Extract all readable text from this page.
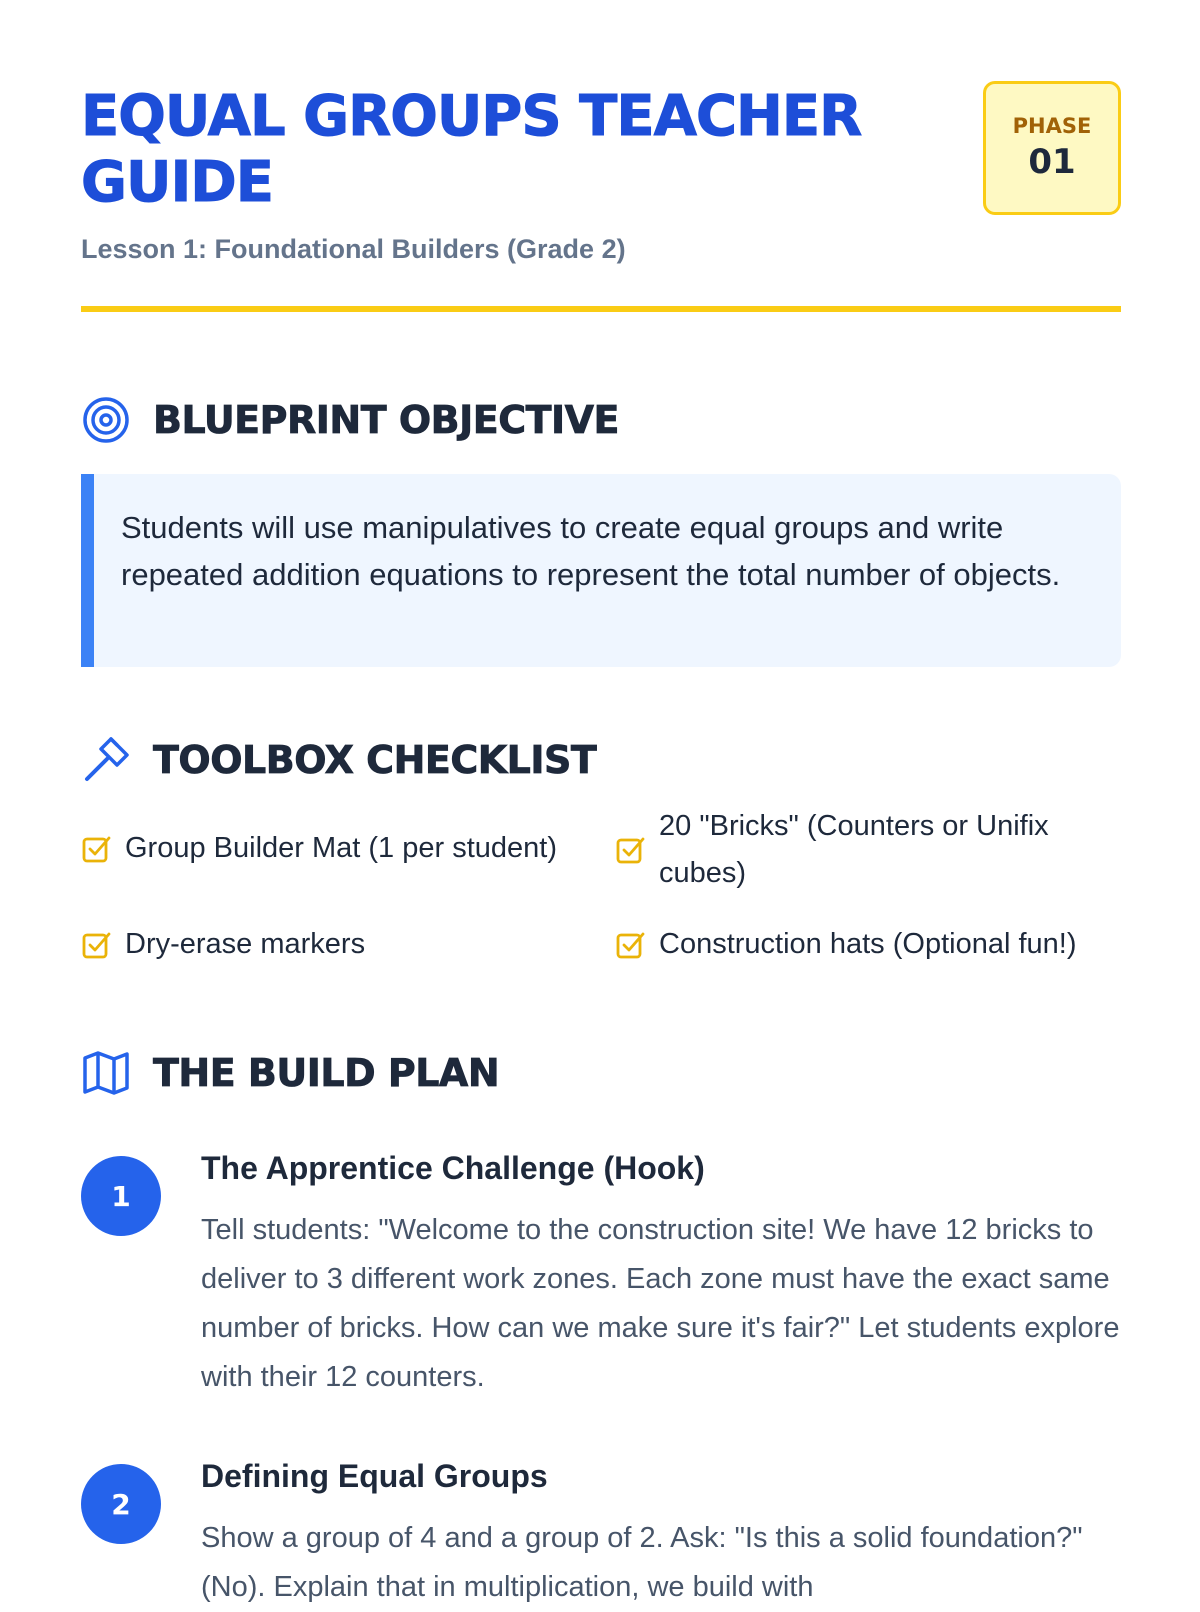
EQUAL GROUPS TEACHER GUIDE
Lesson 1: Foundational Builders (Grade 2)
PHASE
01
BLUEPRINT OBJECTIVE
Students will use manipulatives to create equal groups and write repeated addition equations to represent the total number of objects.
TOOLBOX CHECKLIST
Group Builder Mat (1 per student)
20 "Bricks" (Counters or Unifix cubes)
Dry-erase markers	Construction hats (Optional fun!)
THE BUILD PLAN
1
The Apprentice Challenge (Hook)
Tell students: "Welcome to the construction site! We have 12 bricks to deliver to 3 different work zones. Each zone must have the exact same number of bricks. How can we make sure it's fair?" Let students explore with their 12 counters.
2
Defining Equal Groups
Show a group of 4 and a group of 2. Ask: "Is this a solid foundation?" (No). Explain that in multiplication, we build with
